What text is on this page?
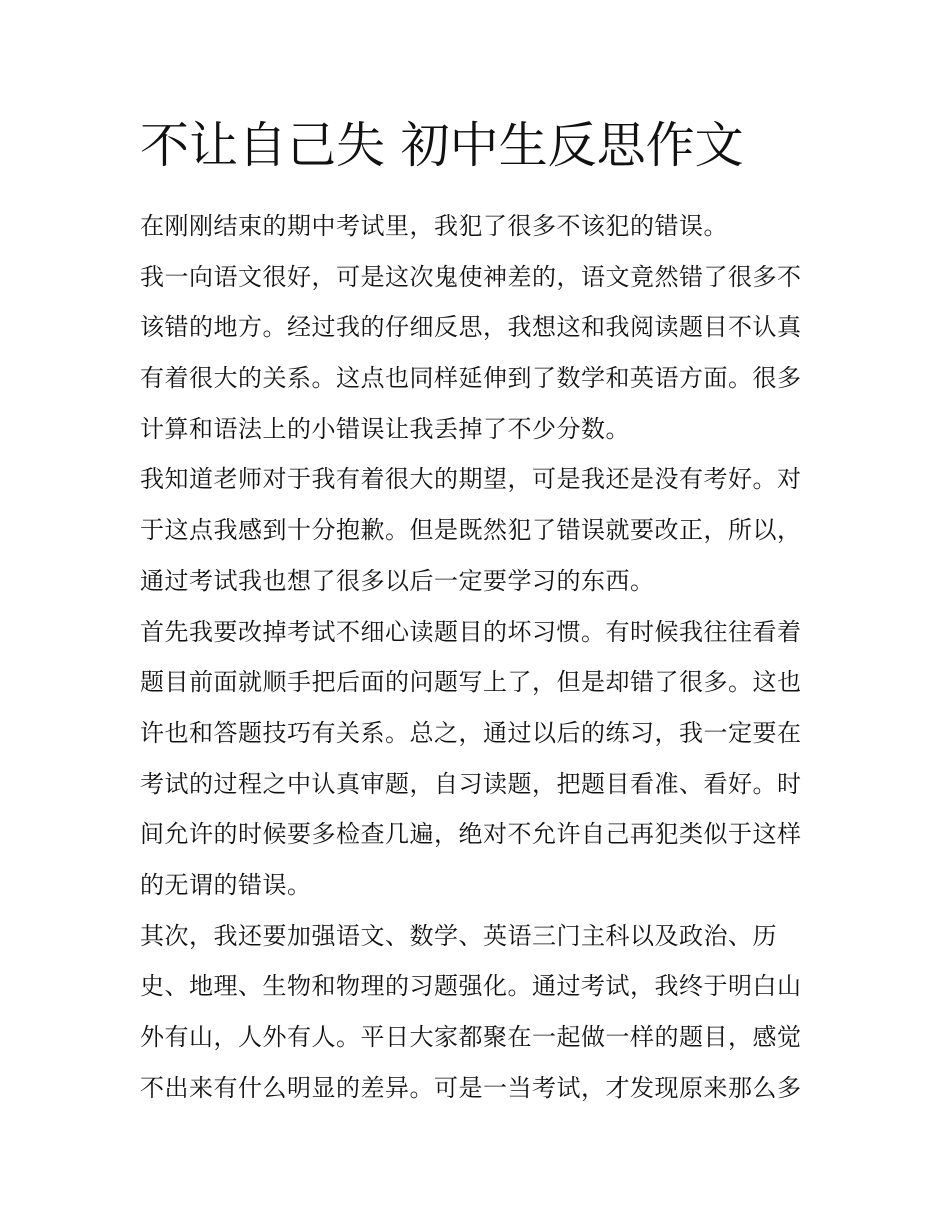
不让自己失 初中生反思作文
在刚刚结束的期中考试里，我犯了很多不该犯的错误。
我一向语文很好，可是这次鬼使神差的，语文竟然错了很多不
该错的地方。经过我的仔细反思，我想这和我阅读题目不认真
有着很大的关系。这点也同样延伸到了数学和英语方面。很多
计算和语法上的小错误让我丢掉了不少分数。
我知道老师对于我有着很大的期望，可是我还是没有考好。对
于这点我感到十分抱歉。但是既然犯了错误就要改正，所以，
通过考试我也想了很多以后一定要学习的东西。
首先我要改掉考试不细心读题目的坏习惯。有时候我往往看着
题目前面就顺手把后面的问题写上了，但是却错了很多。这也
许也和答题技巧有关系。总之，通过以后的练习，我一定要在
考试的过程之中认真审题，自习读题，把题目看准、看好。时
间允许的时候要多检查几遍，绝对不允许自己再犯类似于这样
的无谓的错误。
其次，我还要加强语文、数学、英语三门主科以及政治、历
史、地理、生物和物理的习题强化。通过考试，我终于明白山
外有山，人外有人。平日大家都聚在一起做一样的题目，感觉
不出来有什么明显的差异。可是一当考试，才发现原来那么多
